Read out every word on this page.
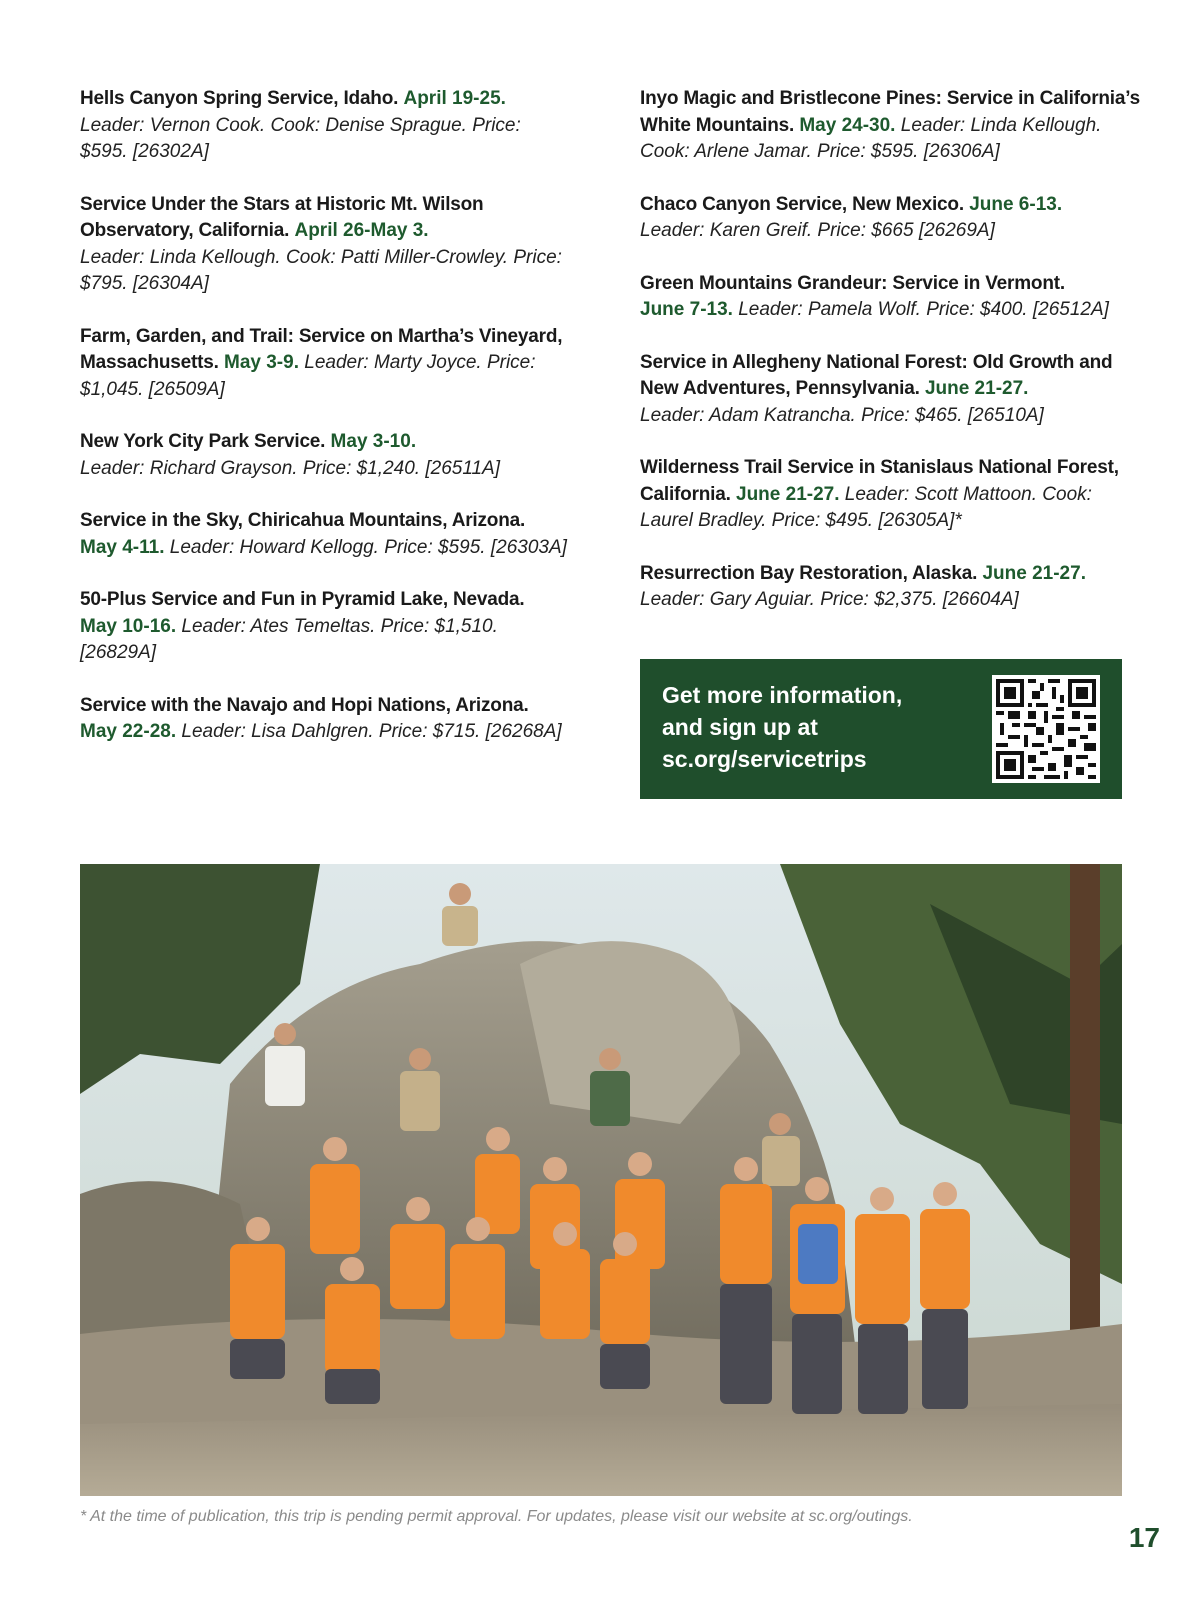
Hells Canyon Spring Service, Idaho. April 19-25.
Leader: Vernon Cook. Cook: Denise Sprague. Price: $595. [26302A]
Service Under the Stars at Historic Mt. Wilson Observatory, California. April 26-May 3.
Leader: Linda Kellough. Cook: Patti Miller-Crowley. Price: $795. [26304A]
Farm, Garden, and Trail: Service on Martha’s Vineyard, Massachusetts. May 3-9. Leader: Marty Joyce. Price: $1,045. [26509A]
New York City Park Service. May 3-10.
Leader: Richard Grayson. Price: $1,240. [26511A]
Service in the Sky, Chiricahua Mountains, Arizona.
May 4-11. Leader: Howard Kellogg. Price: $595. [26303A]
50-Plus Service and Fun in Pyramid Lake, Nevada.
May 10-16. Leader: Ates Temeltas. Price: $1,510. [26829A]
Service with the Navajo and Hopi Nations, Arizona.
May 22-28. Leader: Lisa Dahlgren. Price: $715. [26268A]
Inyo Magic and Bristlecone Pines: Service in California’s White Mountains. May 24-30. Leader: Linda Kellough. Cook: Arlene Jamar. Price: $595. [26306A]
Chaco Canyon Service, New Mexico. June 6-13.
Leader: Karen Greif. Price: $665 [26269A]
Green Mountains Grandeur: Service in Vermont.
June 7-13. Leader: Pamela Wolf. Price: $400. [26512A]
Service in Allegheny National Forest: Old Growth and New Adventures, Pennsylvania. June 21-27.
Leader: Adam Katrancha. Price: $465. [26510A]
Wilderness Trail Service in Stanislaus National Forest, California. June 21-27. Leader: Scott Mattoon. Cook: Laurel Bradley. Price: $495. [26305A]*
Resurrection Bay Restoration, Alaska. June 21-27.
Leader: Gary Aguiar. Price: $2,375. [26604A]
Get more information,
and sign up at
sc.org/servicetrips
* At the time of publication, this trip is pending permit approval. For updates, please visit our website at sc.org/outings.
17
